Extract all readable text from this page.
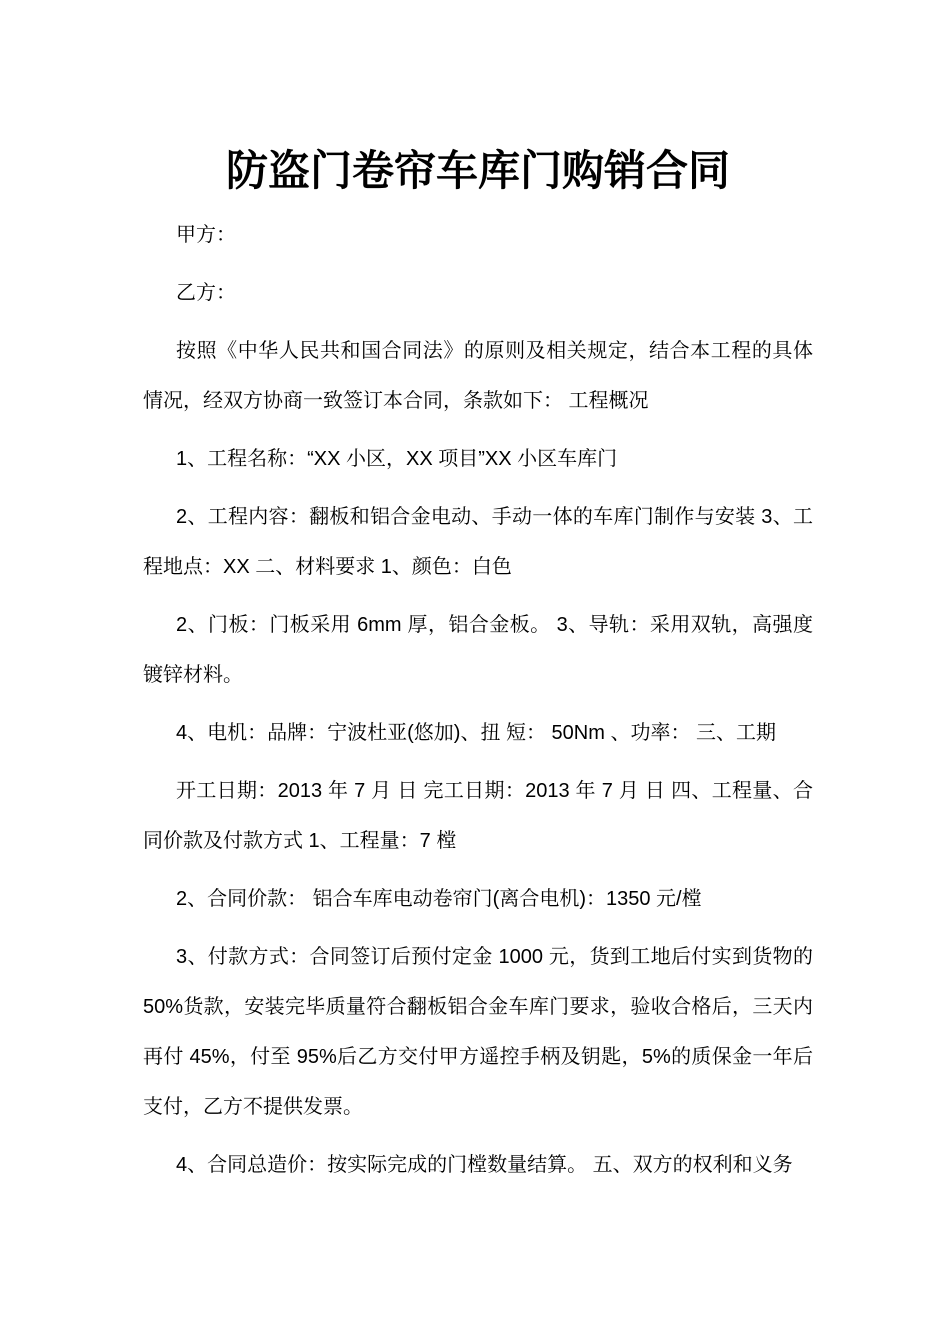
防盗门卷帘车库门购销合同

甲方：

乙方：

按照《中华人民共和国合同法》的原则及相关规定，结合本工程的具体情况，经双方协商一致签订本合同，条款如下： 工程概况

1、工程名称：“XX 小区，XX 项目”XX 小区车库门

2、工程内容：翻板和铝合金电动、手动一体的车库门制作与安装 3、工程地点：XX 二、材料要求 1、颜色：白色

2、门板：门板采用 6mm 厚，铝合金板。 3、导轨：采用双轨，高强度镀锌材料。

4、电机：品牌：宁波杜亚(悠加)、扭 短： 50Nm 、功率： 三、工期

开工日期：2013 年 7 月 日 完工日期：2013 年 7 月 日 四、工程量、合同价款及付款方式 1、工程量：7 樘

2、合同价款： 铝合车库电动卷帘门(离合电机)：1350 元/樘

3、付款方式：合同签订后预付定金 1000 元，货到工地后付实到货物的 50%货款，安装完毕质量符合翻板铝合金车库门要求，验收合格后，三天内再付 45%，付至 95%后乙方交付甲方遥控手柄及钥匙，5%的质保金一年后支付，乙方不提供发票。

4、合同总造价：按实际完成的门樘数量结算。 五、双方的权利和义务
